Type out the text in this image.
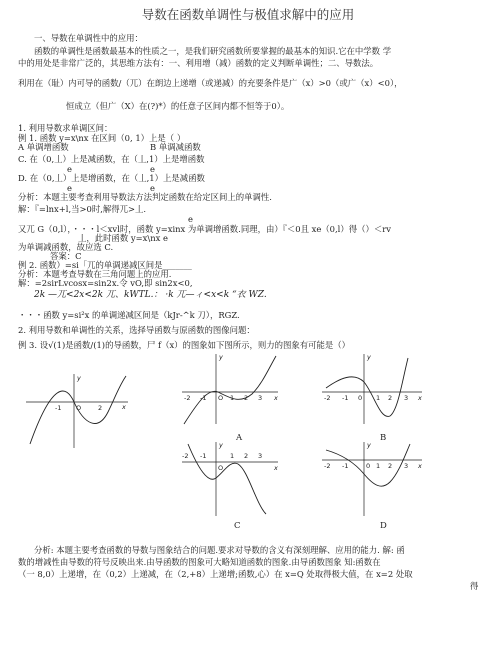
导数在函数单调性与极值求解中的应用
一、导数在单调性中的应用：
函数的单调性是函数最基本的性质之一，是我们研究函数所要掌握的最基本的知识.它在中学数 学
中的用处是非常广泛的，其思维方法有：一、利用增（减）函数的定义判断单调性；二、导数法。
利用在（耻）内可导的函数/（兀）在朗边上递增（或递减）的充要条件是广（x）>0（或广（x）<0），
恒成立（但广（X）在(?)*）的任意子区间内都不恒等于0）。
1. 利用导数求单调区间：
例 1. 函数 y=x\nx 在区间（0, 1）上是（ ）
A 单调增函数	B 单调减函数
C. 在（0,丄）上是减函数，在（丄,1）上是增函数
e	e
D. 在（0,丄）上是增函数，在（丄,1）上是减函数
e	e
分析：本题主要考查利用导数法方法判定函数在给定区间上的单调性.
解：『=lnx+l,当>0时,解得兀>丄.
e
又兀 G（0,l），・・・l＜xvl时，函数 y=xinx 为单调增函数.同理，由）『＜0且 xe（0,l）得（）＜rv
丄，此时函数 y=x\nx e
为单调减函数，故应选 C.
答案：C
例 2. 函数）=si「兀的单调递减区间是_______
分析：本题考查导数在三角问题上的应用.
解：=2sirLvcosx=sin2x.令 vO,即 sin2x<0,
2k —兀<2x<2k 兀、kWTL.： ·k 兀—ィ<x<k “衣 WZ.
・・・函数 y=si²x 的单调递减区间是（kJr-^k 刀），RGZ.
2. 利用导数和单调性的关系，选择导函数与原函数的图像问题：
例 3. 设√(1)是函数/(1)的导函数，尸 f（x）的图象如下图所示，则力的图象有可能是（）
-1 O	2
y
x
-2 -1 O 1 2 3
y
x
A
-2 -1 0 1 2 3
y
x
B
-2 -1
O
1 2 3
y
x
C
-2 -1	0 1 2 3
y
x
D
分析: 本题主要考查函数的导数与图象结合的问题.要求对导数的含义有深刻理解、应用的能力. 解: 函
数的增减性由导数的符号反映出来.由导函数的图象可大略知道函数的图象.由导函数图象 知:函数在
（一 8,0）上递增，在（0,2）上递减，在（2,+8）上递增;函数,心）在 x=Q 处取得极大值，在 x=2 处取
得
